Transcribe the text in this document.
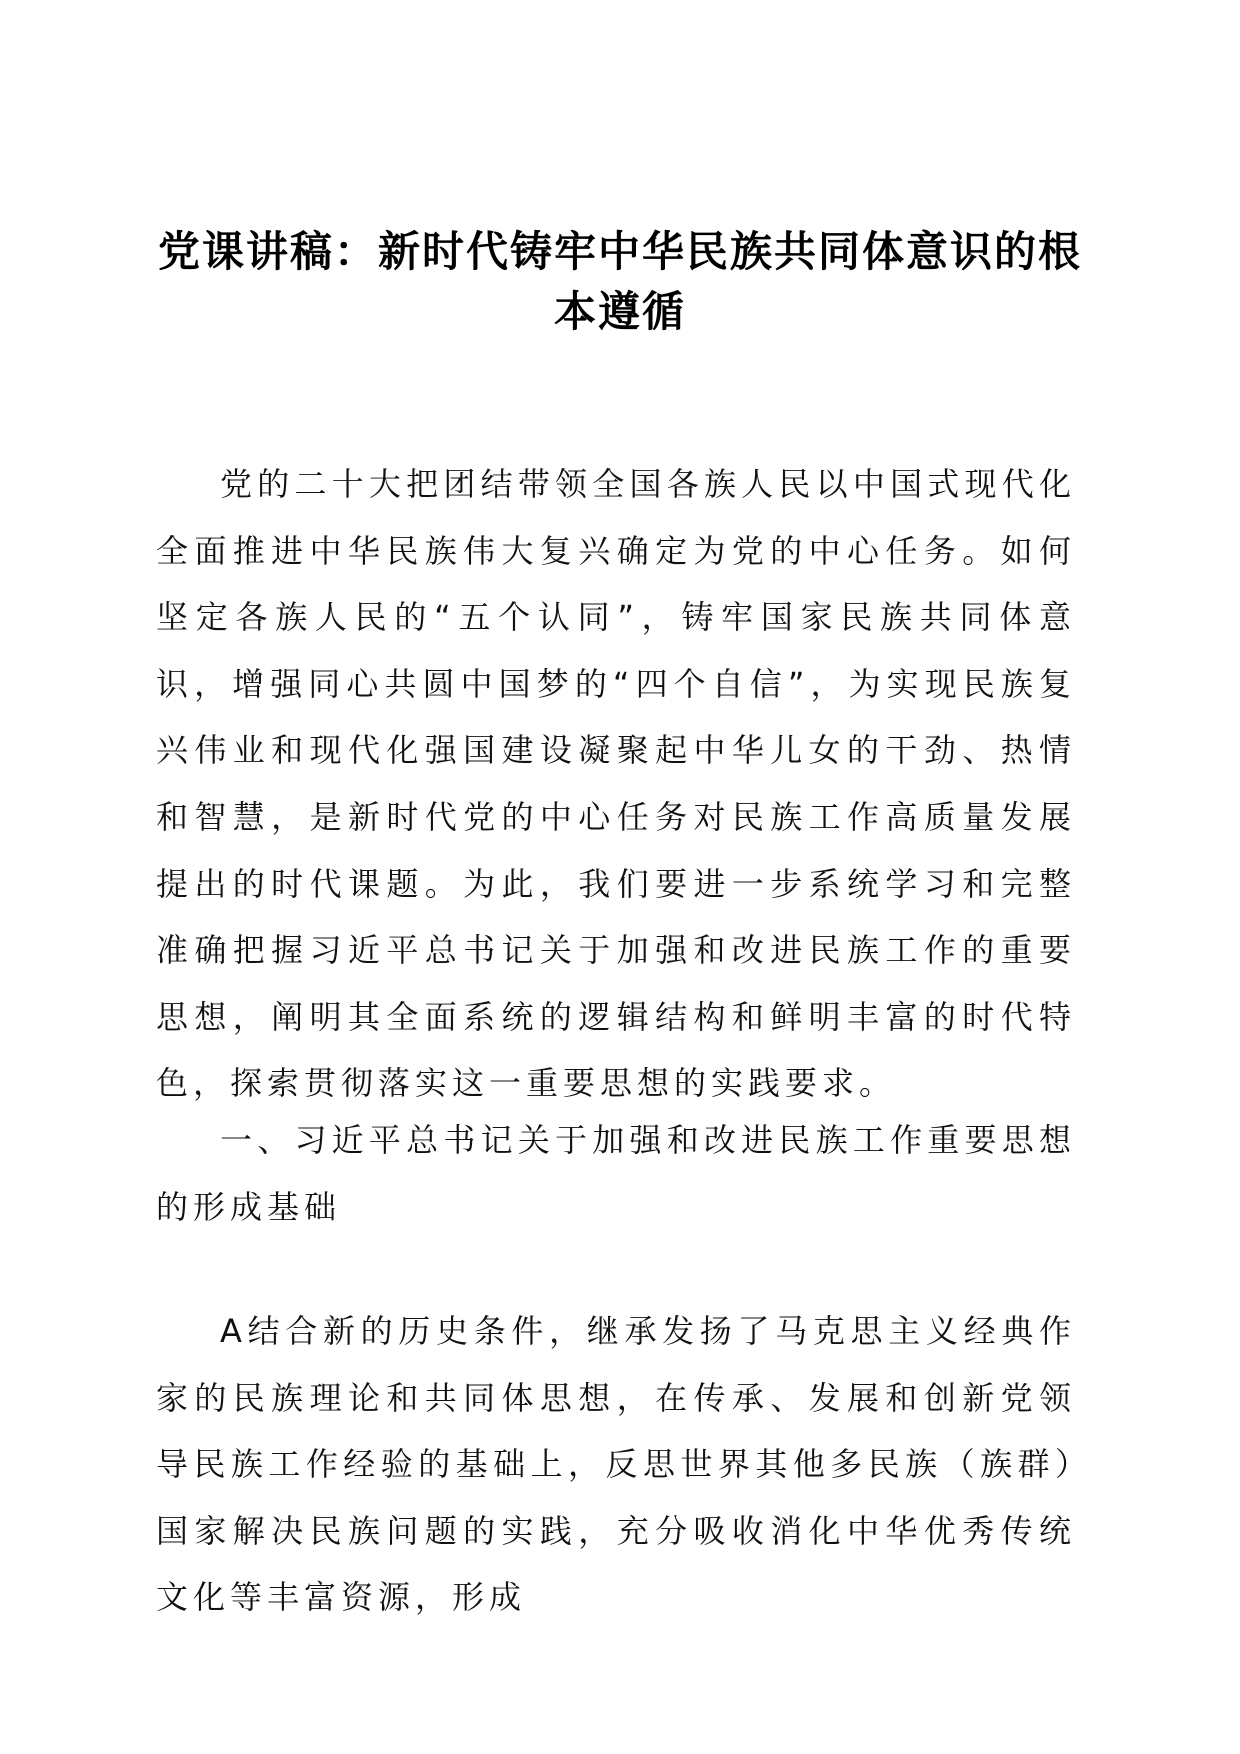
党课讲稿：新时代铸牢中华民族共同体意识的根本遵循

党的二十大把团结带领全国各族人民以中国式现代化全面推进中华民族伟大复兴确定为党的中心任务。如何坚定各族人民的“五个认同”，铸牢国家民族共同体意识，增强同心共圆中国梦的“四个自信”，为实现民族复兴伟业和现代化强国建设凝聚起中华儿女的干劲、热情和智慧，是新时代党的中心任务对民族工作高质量发展提出的时代课题。为此，我们要进一步系统学习和完整准确把握习近平总书记关于加强和改进民族工作的重要思想，阐明其全面系统的逻辑结构和鲜明丰富的时代特色，探索贯彻落实这一重要思想的实践要求。

一、习近平总书记关于加强和改进民族工作重要思想的形成基础

A结合新的历史条件，继承发扬了马克思主义经典作家的民族理论和共同体思想，在传承、发展和创新党领导民族工作经验的基础上，反思世界其他多民族（族群）国家解决民族问题的实践，充分吸收消化中华优秀传统文化等丰富资源，形成
